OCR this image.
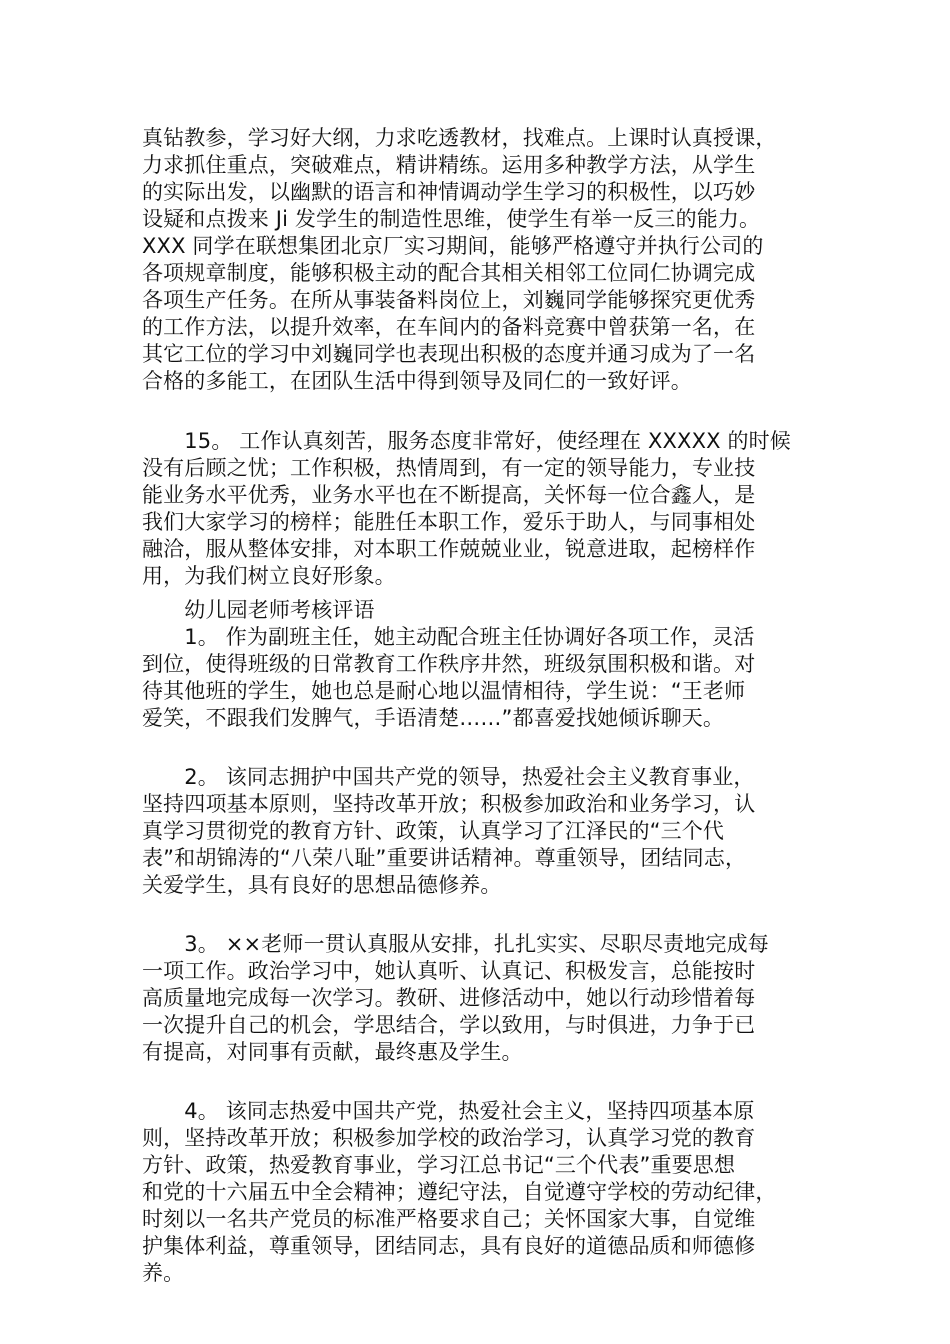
真钻教参，学习好大纲，力求吃透教材，找难点。上课时认真授课，
力求抓住重点，突破难点，精讲精练。运用多种教学方法，从学生
的实际出发，以幽默的语言和神情调动学生学习的积极性，以巧妙
设疑和点拨来 Ji 发学生的制造性思维，使学生有举一反三的能力。
XXX 同学在联想集团北京厂实习期间，能够严格遵守并执行公司的
各项规章制度，能够积极主动的配合其相关相邻工位同仁协调完成
各项生产任务。在所从事装备料岗位上，刘巍同学能够探究更优秀
的工作方法，以提升效率，在车间内的备料竞赛中曾获第一名，在
其它工位的学习中刘巍同学也表现出积极的态度并通习成为了一名
合格的多能工，在团队生活中得到领导及同仁的一致好评。
　　15。 工作认真刻苦，服务态度非常好，使经理在 XXXXX 的时候
没有后顾之忧；工作积极，热情周到，有一定的领导能力，专业技
能业务水平优秀，业务水平也在不断提高，关怀每一位合鑫人，是
我们大家学习的榜样；能胜任本职工作，爱乐于助人，与同事相处
融洽，服从整体安排，对本职工作兢兢业业，锐意进取，起榜样作
用，为我们树立良好形象。
　　幼儿园老师考核评语
　　1。 作为副班主任，她主动配合班主任协调好各项工作，灵活
到位，使得班级的日常教育工作秩序井然，班级氛围积极和谐。对
待其他班的学生，她也总是耐心地以温情相待，学生说：“王老师
爱笑，不跟我们发脾气，手语清楚……”都喜爱找她倾诉聊天。
　　2。 该同志拥护中国共产党的领导，热爱社会主义教育事业，
坚持四项基本原则，坚持改革开放；积极参加政治和业务学习，认
真学习贯彻党的教育方针、政策，认真学习了江泽民的“三个代
表”和胡锦涛的“八荣八耻”重要讲话精神。尊重领导，团结同志，
关爱学生，具有良好的思想品德修养。
　　3。 ××老师一贯认真服从安排，扎扎实实、尽职尽责地完成每
一项工作。政治学习中，她认真听、认真记、积极发言，总能按时
高质量地完成每一次学习。教研、进修活动中，她以行动珍惜着每
一次提升自己的机会，学思结合，学以致用，与时俱进，力争于已
有提高，对同事有贡献，最终惠及学生。
　　4。 该同志热爱中国共产党，热爱社会主义，坚持四项基本原
则，坚持改革开放；积极参加学校的政治学习，认真学习党的教育
方针、政策，热爱教育事业，学习江总书记“三个代表”重要思想
和党的十六届五中全会精神；遵纪守法，自觉遵守学校的劳动纪律，
时刻以一名共产党员的标准严格要求自己；关怀国家大事，自觉维
护集体利益，尊重领导，团结同志，具有良好的道德品质和师德修
养。
